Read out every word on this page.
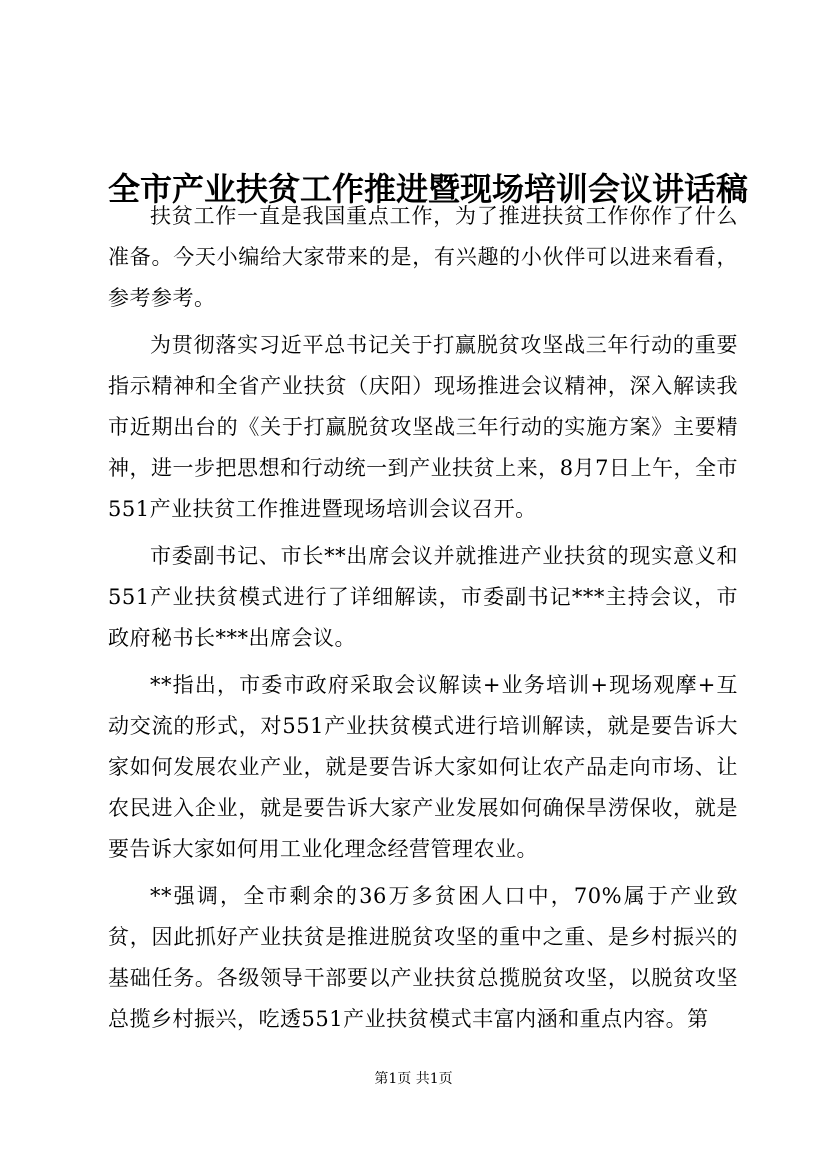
全市产业扶贫工作推进暨现场培训会议讲话稿

扶贫工作一直是我国重点工作，为了推进扶贫工作你作了什么准备。今天小编给大家带来的是，有兴趣的小伙伴可以进来看看，参考参考。

为贯彻落实习近平总书记关于打赢脱贫攻坚战三年行动的重要指示精神和全省产业扶贫（庆阳）现场推进会议精神，深入解读我市近期出台的《关于打赢脱贫攻坚战三年行动的实施方案》主要精神，进一步把思想和行动统一到产业扶贫上来，8月7日上午，全市551产业扶贫工作推进暨现场培训会议召开。

市委副书记、市长**出席会议并就推进产业扶贫的现实意义和551产业扶贫模式进行了详细解读，市委副书记***主持会议，市政府秘书长***出席会议。

**指出，市委市政府采取会议解读+业务培训+现场观摩+互动交流的形式，对551产业扶贫模式进行培训解读，就是要告诉大家如何发展农业产业，就是要告诉大家如何让农产品走向市场、让农民进入企业，就是要告诉大家产业发展如何确保旱涝保收，就是要告诉大家如何用工业化理念经营管理农业。

**强调，全市剩余的36万多贫困人口中，70%属于产业致贫，因此抓好产业扶贫是推进脱贫攻坚的重中之重、是乡村振兴的基础任务。各级领导干部要以产业扶贫总揽脱贫攻坚，以脱贫攻坚总揽乡村振兴，吃透551产业扶贫模式丰富内涵和重点内容。第

第1页 共1页
